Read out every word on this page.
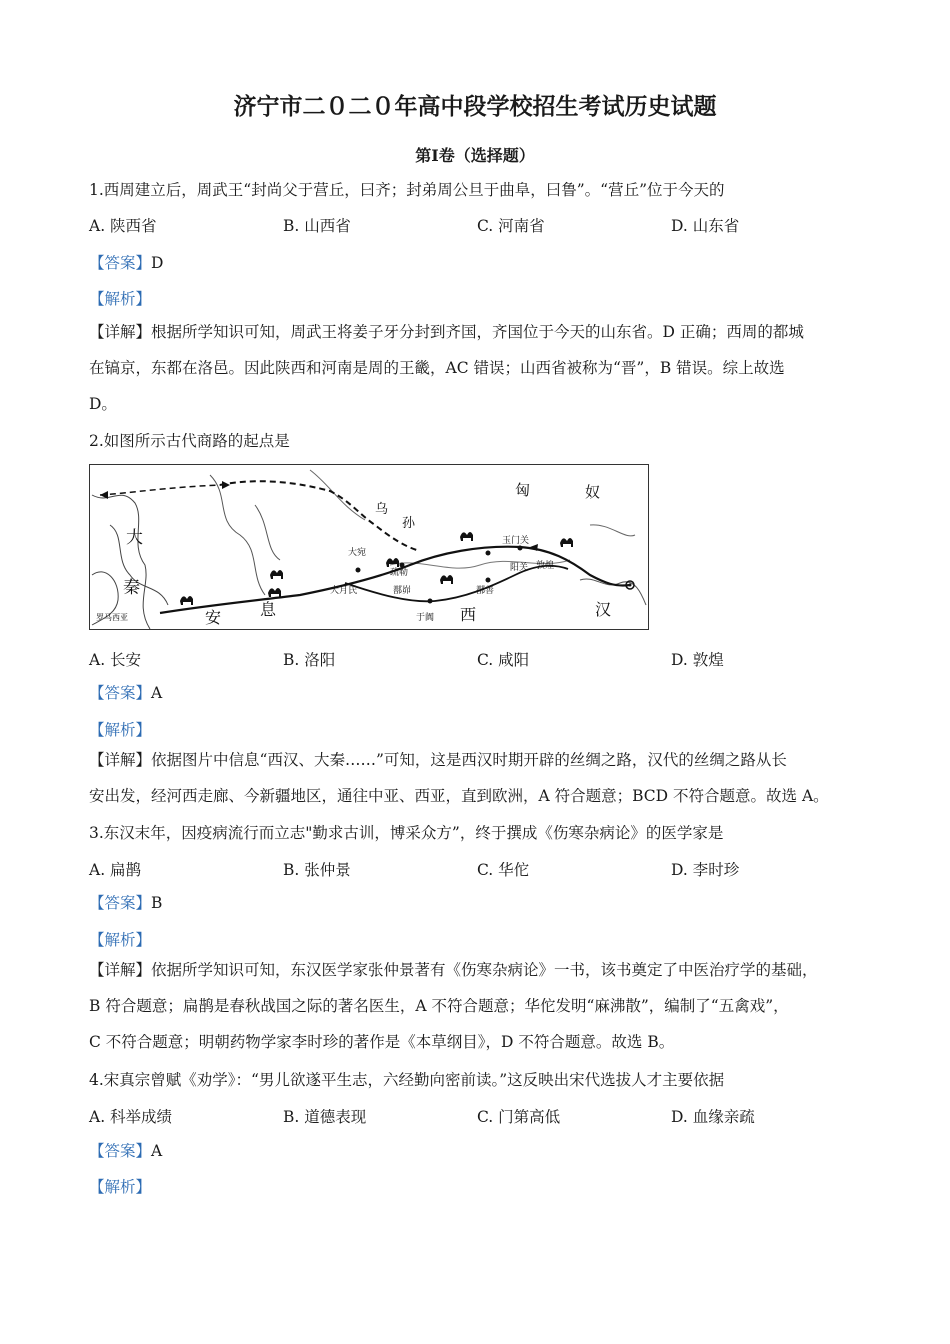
济宁市二０二０年高中段学校招生考试历史试题
第Ⅰ卷（选择题）
1.西周建立后，周武王“封尚父于营丘，曰齐；封弟周公旦于曲阜，曰鲁”。“营丘”位于今天的
A. 陕西省	B. 山西省	C. 河南省	D. 山东省
【答案】D
【解析】
【详解】根据所学知识可知，周武王将姜子牙分封到齐国，齐国位于今天的山东省。D 正确；西周的都城
在镐京，东都在洛邑。因此陕西和河南是周的王畿，AC 错误；山西省被称为“晋”，B 错误。综上故选
D。
2.如图所示古代商路的起点是
匈	奴
乌
孙
大
秦
安 息	西	汉
大宛
疏勒
大月氏	鄯峁
玉门关
阳关 敦煌
鄯善
于阗
罗马西亚
A. 长安	B. 洛阳	C. 咸阳	D. 敦煌
【答案】A
【解析】
【详解】依据图片中信息“西汉、大秦……”可知，这是西汉时期开辟的丝绸之路，汉代的丝绸之路从长
安出发，经河西走廊、今新疆地区，通往中亚、西亚，直到欧洲，A 符合题意；BCD 不符合题意。故选 A。
3.东汉末年，因疫病流行而立志"勤求古训，博采众方”，终于撰成《伤寒杂病论》的医学家是
A. 扁鹊	B. 张仲景	C. 华佗	D. 李时珍
【答案】B
【解析】
【详解】依据所学知识可知，东汉医学家张仲景著有《伤寒杂病论》一书，该书奠定了中医治疗学的基础，
B 符合题意；扁鹊是春秋战国之际的著名医生，A 不符合题意；华佗发明“麻沸散”，编制了“五禽戏”，
C 不符合题意；明朝药物学家李时珍的著作是《本草纲目》，D 不符合题意。故选 B。
4.宋真宗曾赋《劝学》：“男儿欲遂平生志，六经勤向密前读。”这反映出宋代选拔人才主要依据
A. 科举成绩	B. 道德表现	C. 门第高低	D. 血缘亲疏
【答案】A
【解析】
